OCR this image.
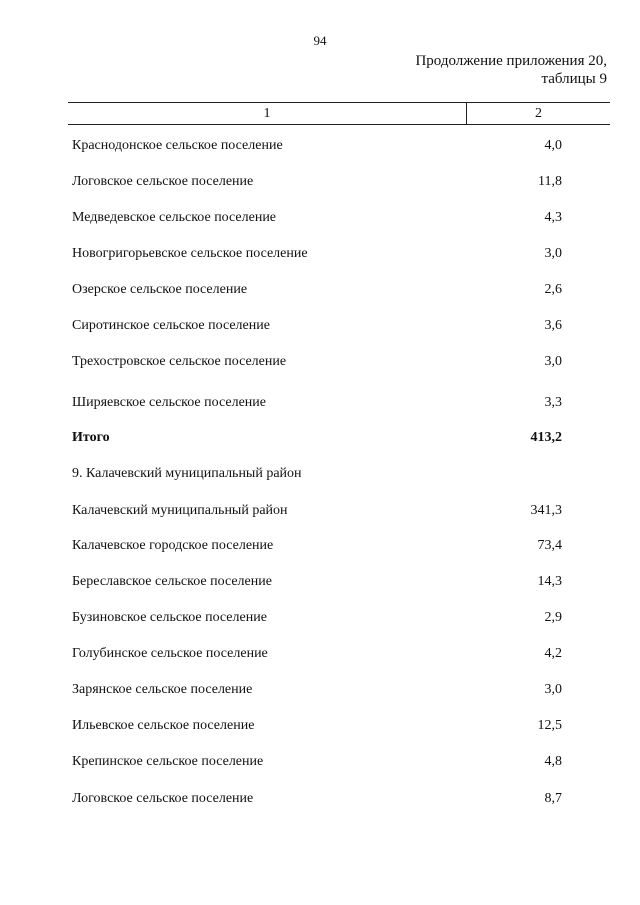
94
Продолжение приложения 20,
таблицы 9
1	2
Краснодонское сельское поселение	4,0
Логовское сельское поселение	11,8
Медведевское сельское поселение	4,3
Новогригорьевское сельское поселение	3,0
Озерское сельское поселение	2,6
Сиротинское сельское поселение	3,6
Трехостровское сельское поселение	3,0
Ширяевское сельское поселение	3,3
Итого	413,2
9. Калачевский муниципальный район
Калачевский муниципальный район	341,3
Калачевское городское поселение	73,4
Береславское сельское поселение	14,3
Бузиновское сельское поселение	2,9
Голубинское сельское поселение	4,2
Зарянское сельское поселение	3,0
Ильевское сельское поселение	12,5
Крепинское сельское поселение	4,8
Логовское сельское поселение	8,7
